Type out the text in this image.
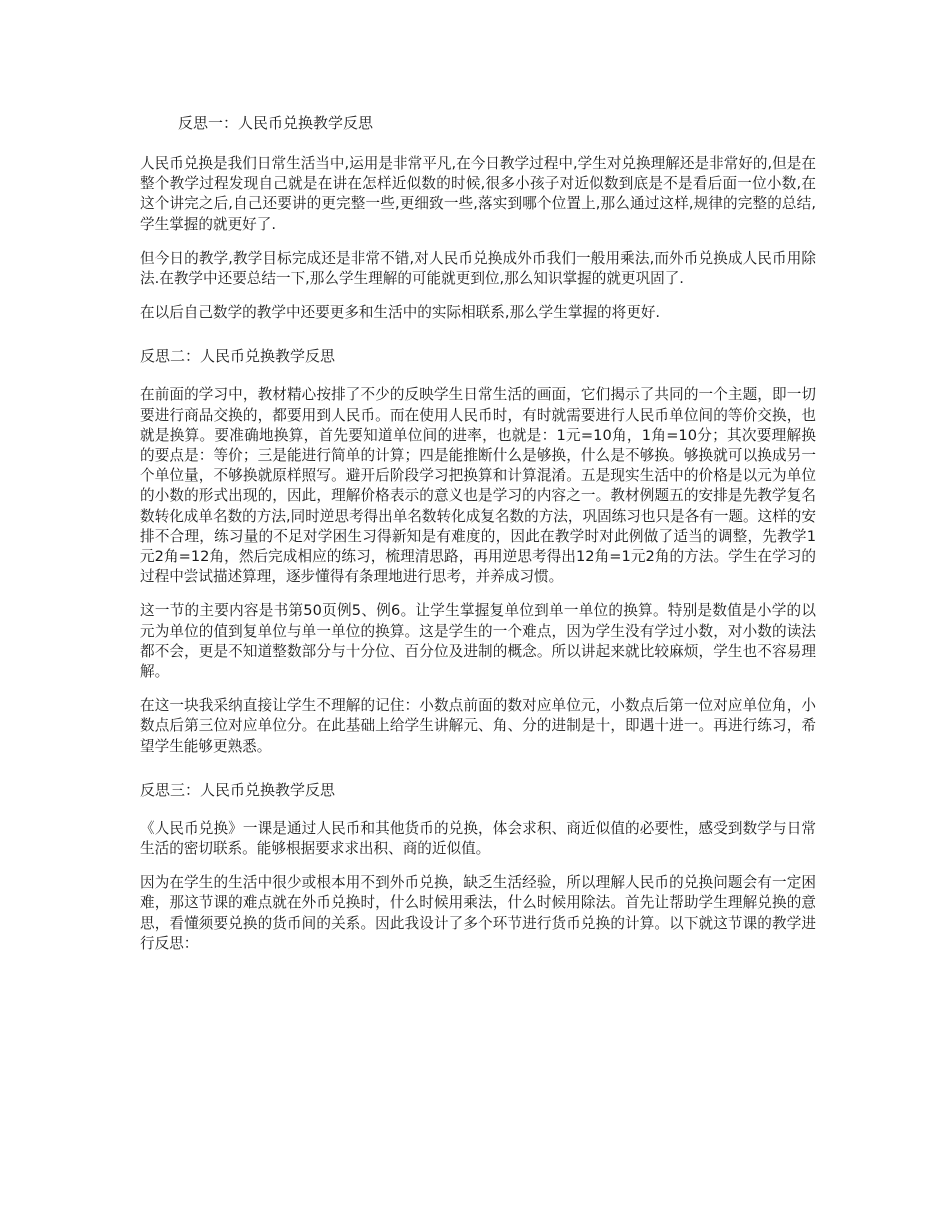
反思一：人民币兑换教学反思

人民币兑换是我们日常生活当中,运用是非常平凡,在今日教学过程中,学生对兑换理解还是非常好的,但是在整个教学过程发现自己就是在讲在怎样近似数的时候,很多小孩子对近似数到底是不是看后面一位小数,在这个讲完之后,自己还要讲的更完整一些,更细致一些,落实到哪个位置上,那么通过这样,规律的完整的总结,学生掌握的就更好了.

但今日的教学,教学目标完成还是非常不错,对人民币兑换成外币我们一般用乘法,而外币兑换成人民币用除法.在教学中还要总结一下,那么学生理解的可能就更到位,那么知识掌握的就更巩固了.

在以后自己数学的教学中还要更多和生活中的实际相联系,那么学生掌握的将更好.

反思二：人民币兑换教学反思

在前面的学习中，教材精心按排了不少的反映学生日常生活的画面，它们揭示了共同的一个主题，即一切要进行商品交换的，都要用到人民币。而在使用人民币时，有时就需要进行人民币单位间的等价交换，也就是换算。要准确地换算，首先要知道单位间的进率，也就是：1元=10角，1角=10分；其次要理解换的要点是：等价；三是能进行简单的计算；四是能推断什么是够换，什么是不够换。够换就可以换成另一个单位量，不够换就原样照写。避开后阶段学习把换算和计算混淆。五是现实生活中的价格是以元为单位的小数的形式出现的，因此，理解价格表示的意义也是学习的内容之一。教材例题五的安排是先教学复名数转化成单名数的方法,同时逆思考得出单名数转化成复名数的方法，巩固练习也只是各有一题。这样的安排不合理，练习量的不足对学困生习得新知是有难度的，因此在教学时对此例做了适当的调整，先教学1元2角=12角，然后完成相应的练习，梳理清思路，再用逆思考得出12角=1元2角的方法。学生在学习的过程中尝试描述算理，逐步懂得有条理地进行思考，并养成习惯。

这一节的主要内容是书第50页例5、例6。让学生掌握复单位到单一单位的换算。特别是数值是小学的以元为单位的值到复单位与单一单位的换算。这是学生的一个难点，因为学生没有学过小数，对小数的读法都不会，更是不知道整数部分与十分位、百分位及进制的概念。所以讲起来就比较麻烦，学生也不容易理解。

在这一块我采纳直接让学生不理解的记住：小数点前面的数对应单位元，小数点后第一位对应单位角，小数点后第三位对应单位分。在此基础上给学生讲解元、角、分的进制是十，即遇十进一。再进行练习，希望学生能够更熟悉。

反思三：人民币兑换教学反思

《人民币兑换》一课是通过人民币和其他货币的兑换，体会求积、商近似值的必要性，感受到数学与日常生活的密切联系。能够根据要求求出积、商的近似值。

因为在学生的生活中很少或根本用不到外币兑换，缺乏生活经验，所以理解人民币的兑换问题会有一定困难，那这节课的难点就在外币兑换时，什么时候用乘法，什么时候用除法。首先让帮助学生理解兑换的意思，看懂须要兑换的货币间的关系。因此我设计了多个环节进行货币兑换的计算。以下就这节课的教学进行反思：
